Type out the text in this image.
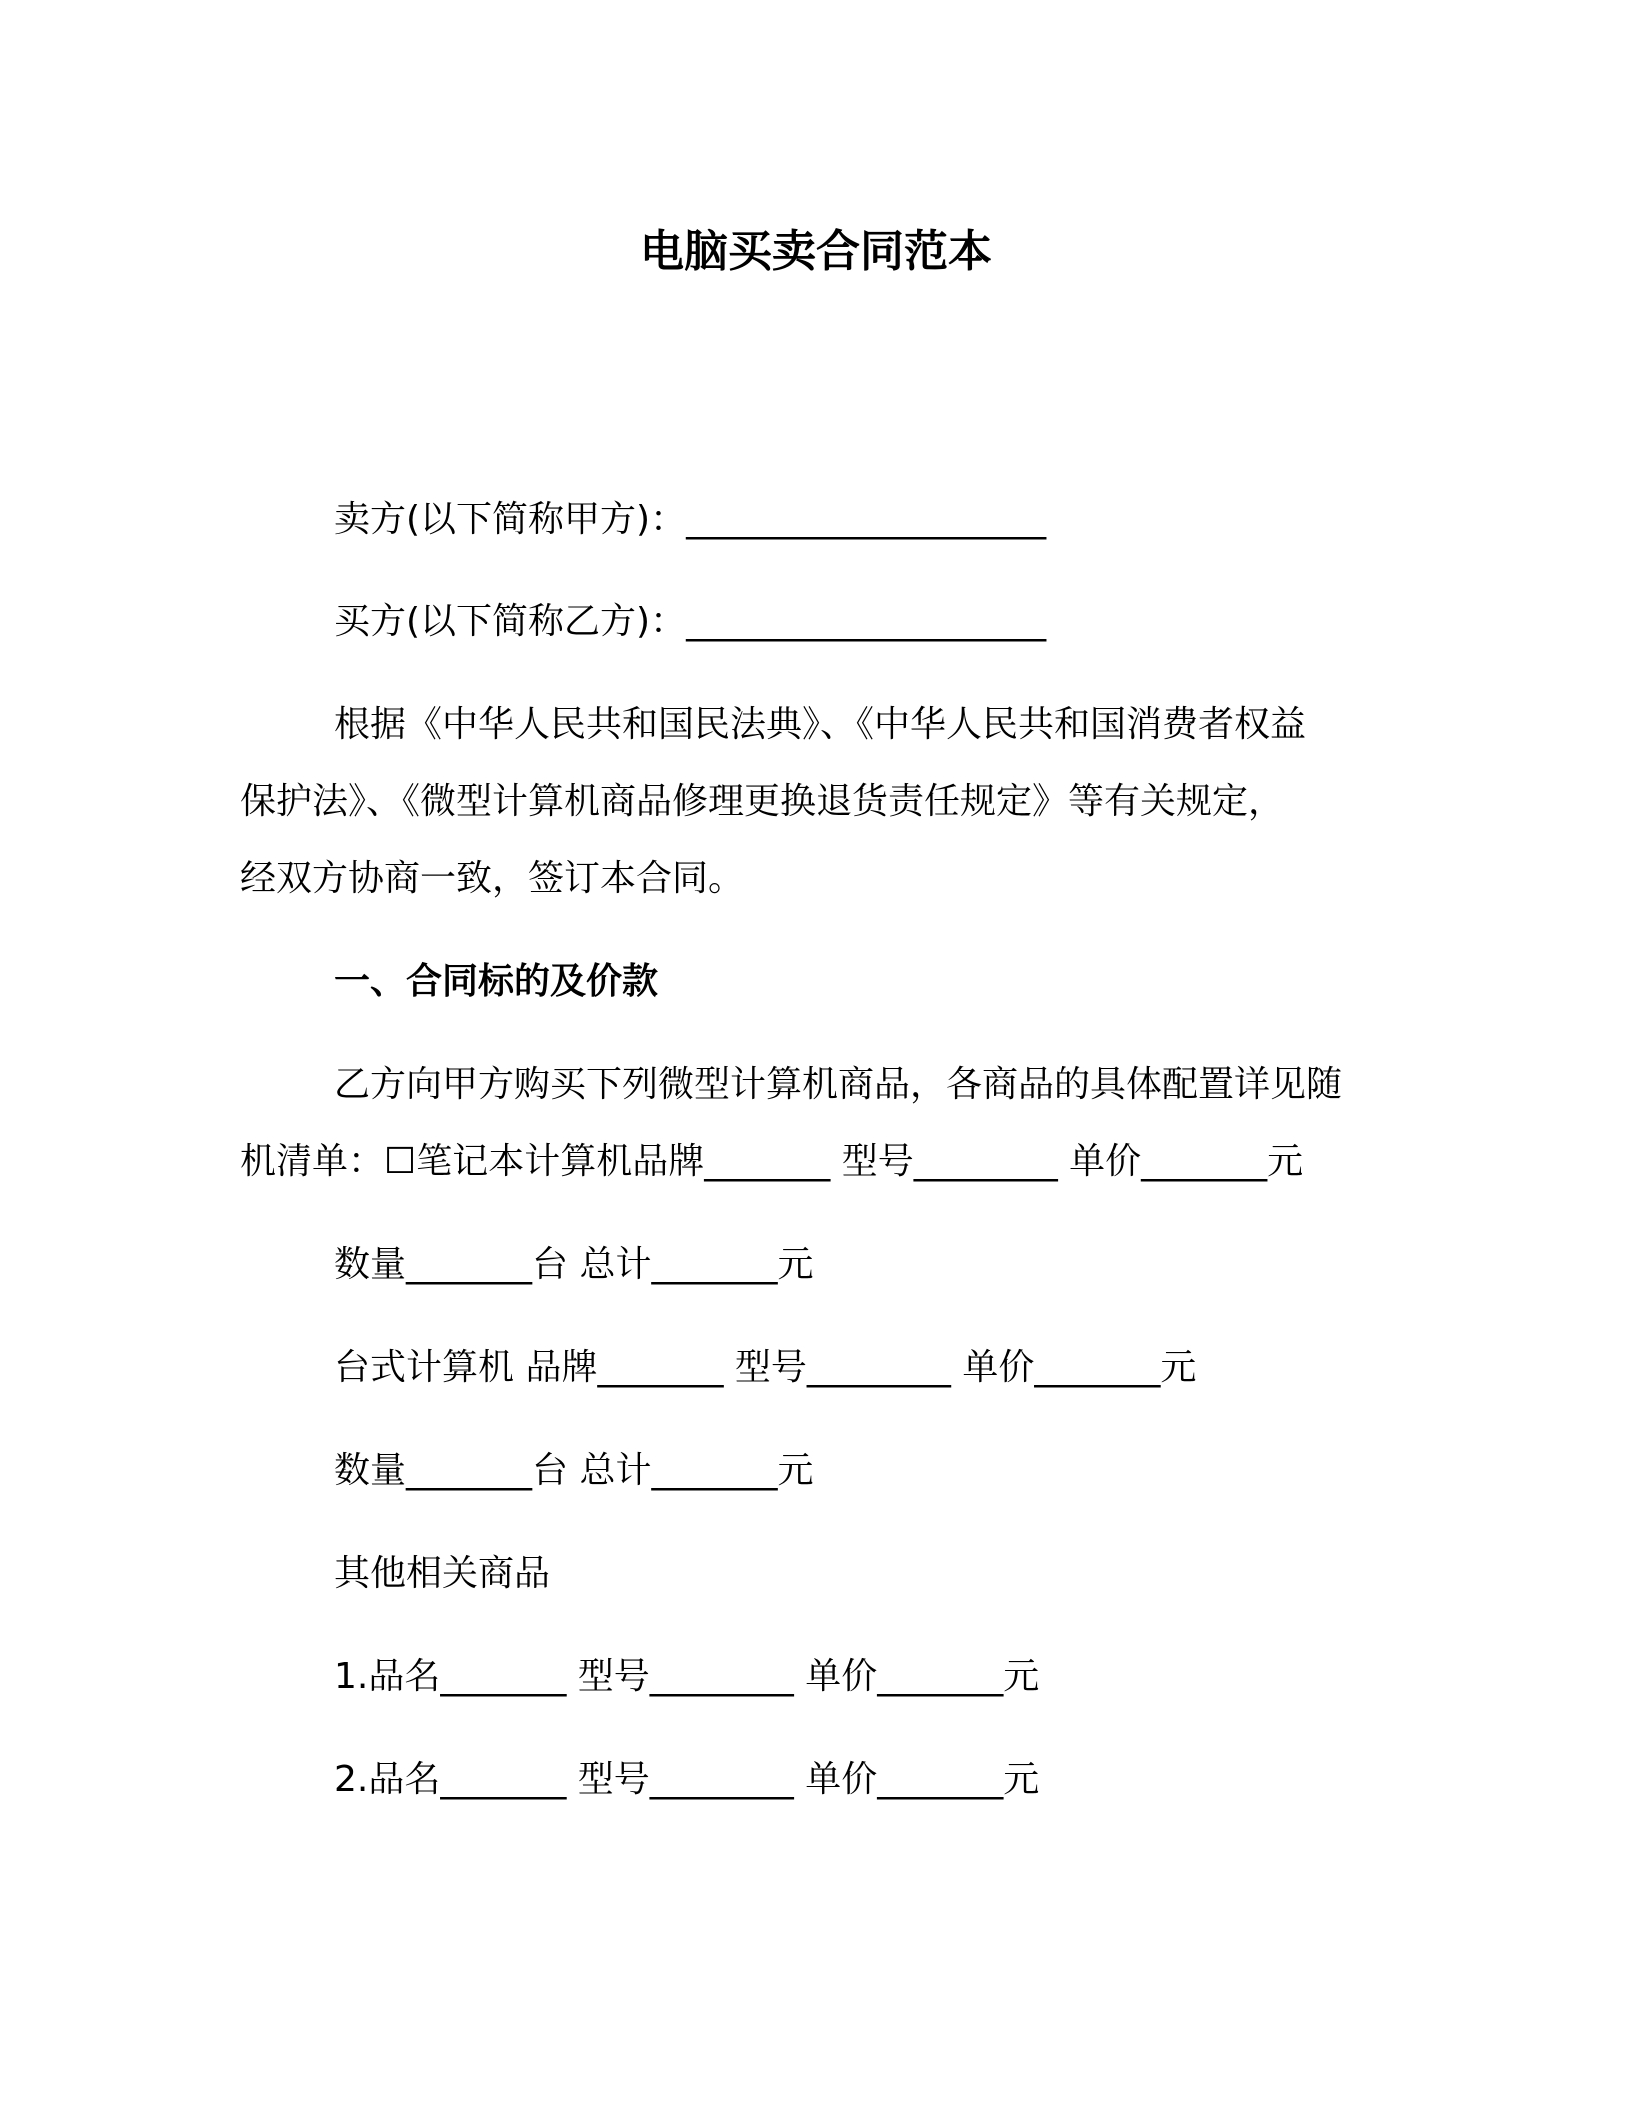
电脑买卖合同范本

卖方(以下简称甲方)：____________________

买方(以下简称乙方)：____________________

根据《中华人民共和国民法典》、《中华人民共和国消费者权益

保护法》、《微型计算机商品修理更换退货责任规定》等有关规定，

经双方协商一致，签订本合同。

一、合同标的及价款

乙方向甲方购买下列微型计算机商品，各商品的具体配置详见随

机清单：☐笔记本计算机品牌_______ 型号________ 单价_______元

数量_______台 总计_______元

台式计算机 品牌_______ 型号________ 单价_______元

数量_______台 总计_______元

其他相关商品

1.品名_______ 型号________ 单价_______元

2.品名_______ 型号________ 单价_______元
